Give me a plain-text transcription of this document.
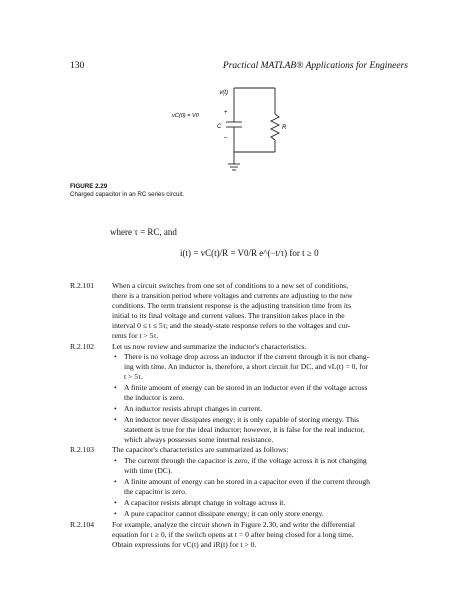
130	Practical MATLAB® Applications for Engineers
v(t)
vC(0) = V0
C
+
–
R
FIGURE 2.29
Charged capacitor in an RC series circuit.
where τ = RC, and
i(t) = vC(t)/R = V0/R e^(−t/τ) for t ≥ 0
R.2.101 When a circuit switches from one set of conditions to a new set of conditions,
there is a transition period where voltages and currents are adjusting to the new
conditions. The term transient response is the adjusting transition time from its
initial to its final voltage and current values. The transition takes place in the
interval 0 ≤ t ≤ 5τ; and the steady-state response refers to the voltages and cur-
rents for t > 5τ.
R.2.102 Let us now review and summarize the inductor's characteristics.
• There is no voltage drop across an inductor if the current through it is not chang-
ing with time. An inductor is, therefore, a short circuit for DC, and vL(t) = 0, for
t > 5τ.
• A finite amount of energy can be stored in an inductor even if the voltage across
the inductor is zero.
• An inductor resists abrupt changes in current.
• An inductor never dissipates energy; it is only capable of storing energy. This
statement is true for the ideal inductor; however, it is false for the real inductor,
which always possesses some internal resistance.
R.2.103 The capacitor's characteristics are summarized as follows:
• The current through the capacitor is zero, if the voltage across it is not changing
with time (DC).
• A finite amount of energy can be stored in a capacitor even if the current through
the capacitor is zero.
• A capacitor resists abrupt change in voltage across it.
• A pure capacitor cannot dissipate energy; it can only store energy.
R.2.104 For example, analyze the circuit shown in Figure 2.30, and write the differential
equation for t ≥ 0, if the switch opens at t = 0 after being closed for a long time.
Obtain expressions for vC(t) and iR(t) for t > 0.
